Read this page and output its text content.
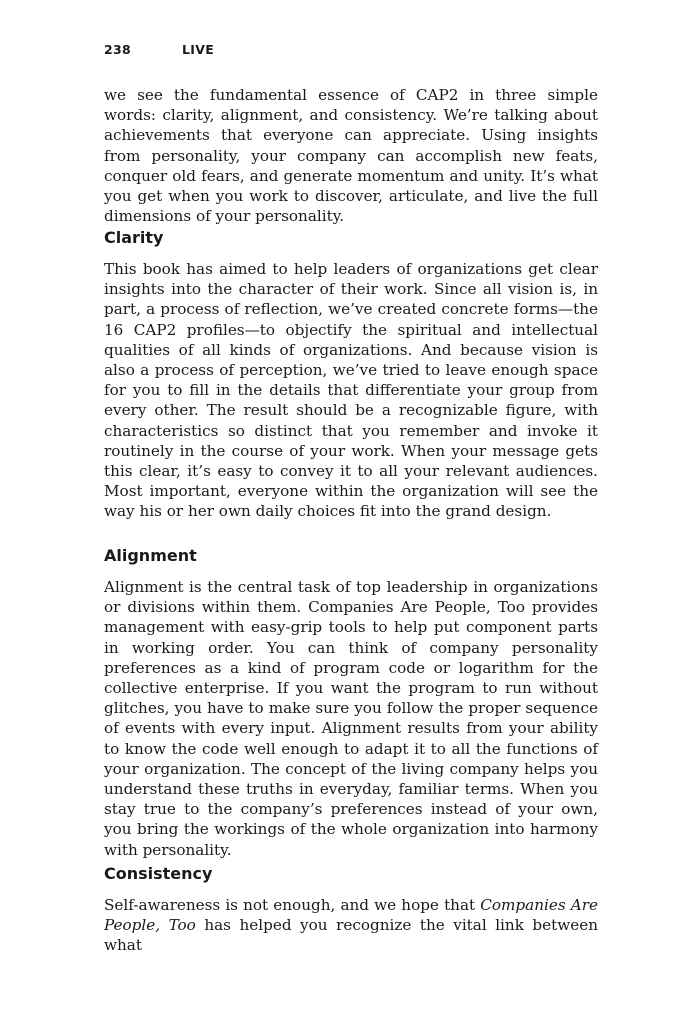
238	LIVE

we see the fundamental essence of CAP2 in three simple words: clarity, alignment, and consistency. We’re talking about achievements that everyone can appreciate. Using insights from personality, your company can accomplish new feats, conquer old fears, and generate momentum and unity. It’s what you get when you work to discover, articulate, and live the full dimensions of your personality.

Clarity

This book has aimed to help leaders of organizations get clear insights into the character of their work. Since all vision is, in part, a process of reflection, we’ve created concrete forms—the 16 CAP2 profiles—to objectify the spiritual and intellectual qualities of all kinds of organizations. And because vision is also a process of perception, we’ve tried to leave enough space for you to fill in the details that differentiate your group from every other. The result should be a recognizable figure, with characteristics so distinct that you remember and invoke it routinely in the course of your work. When your message gets this clear, it’s easy to convey it to all your relevant audiences. Most important, everyone within the organization will see the way his or her own daily choices fit into the grand design.

Alignment

Alignment is the central task of top leadership in organizations or divisions within them. Companies Are People, Too provides management with easy-grip tools to help put component parts in working order. You can think of company personality preferences as a kind of program code or logarithm for the collective enterprise. If you want the program to run without glitches, you have to make sure you follow the proper sequence of events with every input. Alignment results from your ability to know the code well enough to adapt it to all the functions of your organization. The concept of the living company helps you understand these truths in everyday, familiar terms. When you stay true to the company’s preferences instead of your own, you bring the workings of the whole organization into harmony with personality.

Consistency

Self-awareness is not enough, and we hope that Companies Are People, Too has helped you recognize the vital link between what
